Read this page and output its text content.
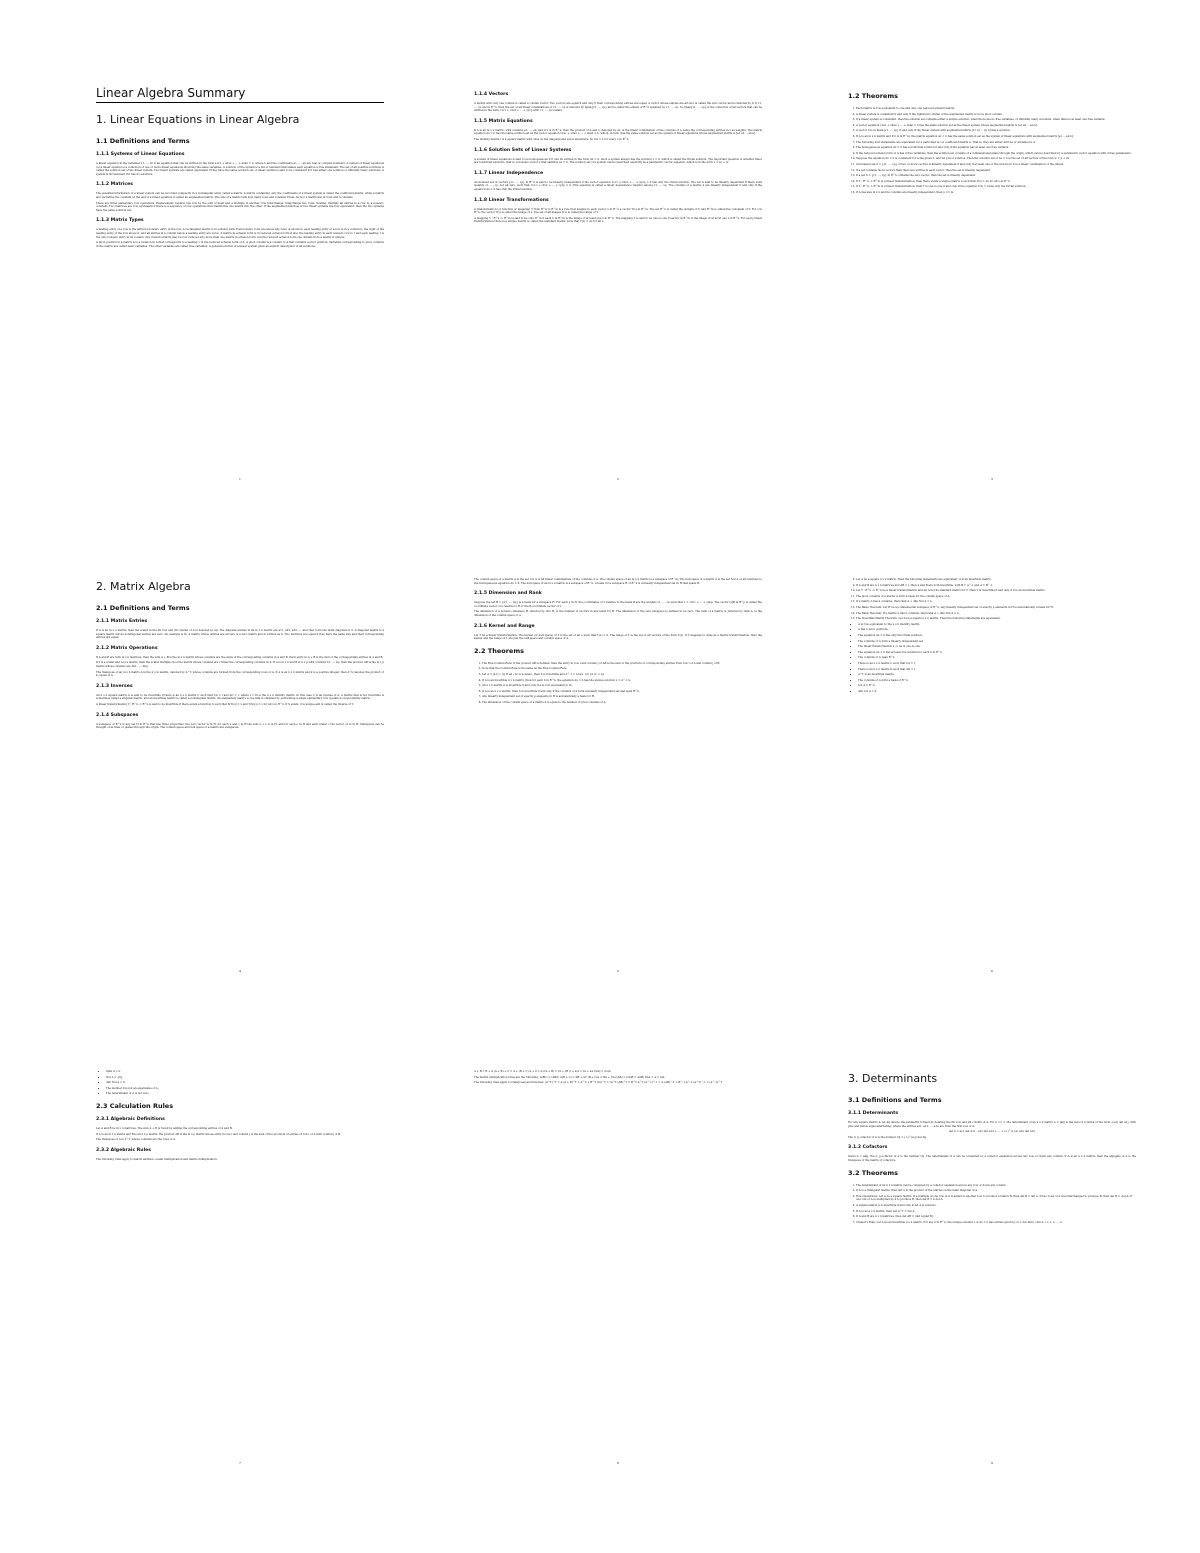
Linear Algebra Summary
1. Linear Equations in Linear Algebra
1.1 Definitions and Terms
1.1.1 Systems of Linear Equations

A linear equation in the variables x1, ..., xn is an equation that can be written in the form a1x1 + a2x2 + ... + anxn = b, where b and the coefficients a1, ..., an are real or complex numbers. A system of linear equations (or a linear system) is a collection of one or more linear equations involving the same variables. A solution of the system is a list of numbers that makes each equation a true statement. The set of all possible solutions is called the solution set of the linear system. Two linear systems are called equivalent if they have the same solution set. A linear system is said to be consistent if it has either one solution or infinitely many solutions. A system is inconsistent if it has no solutions.

1.1.2 Matrices

The essential information of a linear system can be recorded compactly in a rectangular array called a matrix. A matrix containing only the coefficients of a linear system is called the coefficient matrix, while a matrix also including the constant at the end of a linear equation is called an augmented matrix. The size of a matrix tells how many rows and columns it has. An m x n matrix has m rows and n columns.

There are three elementary row operations. Replacement: replace one row by the sum of itself and a multiple of another row. Interchange: interchange two rows. Scaling: multiply all entries in a row by a nonzero constant. Two matrices are row equivalent if there is a sequence of row operations that transforms one matrix into the other. If the augmented matrices of two linear systems are row equivalent, then the two systems have the same solution set.

1.1.3 Matrix Types

A leading entry of a row is the leftmost nonzero entry in the row. A rectangular matrix is in echelon form if all nonzero rows are above any rows of all zeros, each leading entry of a row is in a column to the right of the leading entry of the row above it, and all entries in a column below a leading entry are zeros. A matrix in echelon form is in reduced echelon form if also the leading entry in each nonzero row is 1 and each leading 1 is the only nonzero entry in its column. Any nonzero matrix may be row reduced into more than one matrix in echelon form, but the reduced echelon form one obtains from a matrix is unique.

A pivot position in a matrix A is a location in A that corresponds to a leading 1 in the reduced echelon form of A. A pivot column is a column of A that contains a pivot position. Variables corresponding to pivot columns in the matrix are called basic variables. The other variables are called free variables. A general solution of a linear system gives an explicit description of all solutions.

1
1.1.4 Vectors

A matrix with only one column is called a column vector. Two vectors are equal if and only if their corresponding entries are equal. A vector whose entries are all zero is called the zero vector and is denoted by 0. If v1, ..., vp are in R^n, then the set of all linear combinations of v1, ..., vp is denoted by Span{v1, ..., vp} and is called the subset of R^n spanned by v1, ..., vp. So Span{v1, ..., vp} is the collection of all vectors that can be written in the form c1v1 + c2v2 + ... + cpvp with c1, ..., cp scalars.

1.1.5 Matrix Equations

If A is an m x n matrix, with columns a1, ..., an, and if x is in R^n, then the product of A and x, denoted by Ax, is the linear combination of the columns of A using the corresponding entries in x as weights. The matrix equation Ax = b has the same solution set as the vector equation x1a1 + x2a2 + ... + xnan = b, which, in turn, has the same solution set as the system of linear equations whose augmented matrix is [a1 a2 ... an b].

The identity matrix I is a square matrix with ones on the diagonal and zeros elsewhere. So Inx = x for every x in R^n.

1.1.6 Solution Sets of Linear Systems

A system of linear equations is said to be homogeneous if it can be written in the form Ax = 0. Such a system always has the solution x = 0, which is called the trivial solution. The important question is whether there are nontrivial solutions, that is, a nonzero vector x that satisfies Ax = 0. The solution set of a system can be described explicitly as a parametric vector equation, which is in the form x = su + tv.

1.1.7 Linear Independence

An indexed set of vectors {v1, ..., vp} in R^n is said to be linearly independent if the vector equation x1v1 + x2v2 + ... + xpvp = 0 has only the trivial solution. The set is said to be linearly dependent if there exist weights c1, ..., cp, not all zero, such that c1v1 + c2v2 + ... + cpvp = 0. This equation is called a linear dependence relation among v1, ..., vp. The columns of a matrix A are linearly independent if and only if the equation Ax = 0 has only the trivial solution.

1.1.8 Linear Transformations

A transformation (or function or mapping) T from R^n to R^m is a rule that assigns to each vector x in R^n a vector T(x) in R^m. The set R^n is called the domain of T, and R^m is called the codomain of T. For x in R^n, the vector T(x) is called the image of x. The set of all images T(x) is called the range of T.

A mapping T : R^n -> R^m is said to be onto R^m if each b in R^m is the image of at least one x in R^n. The mapping T is said to be one-to-one if each b in R^m is the image of at most one x in R^n. For every linear transformation there is a unique matrix A, called the standard matrix, such that T(x) = Ax for all x.

2
1.2 Theorems
1. Each matrix is row equivalent to one and only one reduced echelon matrix.
2. A linear system is consistent if and only if the rightmost column of the augmented matrix is not a pivot column.
3. If a linear system is consistent, then the solution set contains either a unique solution, when there are no free variables, or infinitely many solutions, when there is at least one free variable.
4. A vector equation x1a1 + x2a2 + ... + xnan = b has the same solution set as the linear system whose augmented matrix is [a1 a2 ... an b].
5. A vector b is in Span{v1, ..., vp} if and only if the linear system with augmented matrix [v1 v2 ... vp b] has a solution.
6. If A is an m x n matrix and if b is in R^m, the matrix equation Ax = b has the same solution set as the system of linear equations with augmented matrix [a1 ... an b].
7. The following four statements are equivalent for a particular m x n coefficient matrix A. That is, they are either all true or all false for A:
8. The homogeneous equation Ax = 0 has a nontrivial solution if and only if the equation has at least one free variable.
9. If the reduced echelon form of A has d free variables, then the solution set consists of a d-dimensional plane through the origin, which can be described by a parametric vector equation with d free parameters.
10. Suppose the equation Ax = b is consistent for some given b, and let p be a solution. Then the solution set of Ax = b is the set of all vectors of the form w = p + vh.
11. An indexed set S = {v1, ..., vp} of two or more vectors is linearly dependent if and only if at least one of the vectors in S is a linear combination of the others.
12. If a set contains more vectors than there are entries in each vector, then the set is linearly dependent.
13. If a set S = {v1, ..., vp} in R^n contains the zero vector, then the set is linearly dependent.
14. If T : R^n -> R^m is a linear transformation, then there exists a unique matrix A such that T(x) = Ax for all x in R^n.
15. If T : R^n -> R^m is a linear transformation, then T is one-to-one if and only if the equation T(x) = 0 has only the trivial solution.
16. If A has size m x n and its columns are linearly independent, then n <= m.
3
2. Matrix Algebra
2.1 Definitions and Terms
2.1.1 Matrix Entries

If A is an m x n matrix, then the scalar in the ith row and jth column of A is denoted by aij. The diagonal entries in an m x n matrix are a11, a22, a33, ..., and they form the main diagonal of A. A diagonal matrix is a square matrix whose nondiagonal entries are zero. An example is In. A matrix whose entries are all zero is a zero matrix and is written as 0. Two matrices are equal if they have the same size and their corresponding entries are equal.

2.1.2 Matrix Operations

If A and B are both m x n matrices, then the sum A + B is the m x n matrix whose columns are the sums of the corresponding columns in A and B. Each entry in A + B is the sum of the corresponding entries in A and B.

If r is a scalar and A is a matrix, then the scalar multiple rA is the matrix whose columns are r times the corresponding columns in A. If A is m x n and B is n x p with columns b1, ..., bp, then the product AB is the m x p matrix whose columns are Ab1, ..., Abp.

The transpose of an m x n matrix A is the n x m matrix, denoted by A^T, whose columns are formed from the corresponding rows of A. If A is an n x n matrix and k is a positive integer, then A^k denotes the product of k copies of A.

2.1.3 Inverses

An n x n square matrix A is said to be invertible if there is an n x n matrix C such that CA = I and AC = I, where I = In is the n x n identity matrix. In this case C is an inverse of A. A matrix that is not invertible is sometimes called a singular matrix, and an invertible matrix is called a nonsingular matrix. An elementary matrix is one that is obtained by performing a single elementary row operation on an identity matrix.

A linear transformation T : R^n -> R^n is said to be invertible if there exists a function S such that S(T(x)) = x and T(S(x)) = x for all x in R^n. If S exists, it is unique and is called the inverse of T.

2.1.4 Subspaces

A subspace of R^n is any set H in R^n that has three properties: the zero vector is in H, for each u and v in H the sum u + v is in H, and for each u in H and each scalar c the vector cu is in H. Subspaces can be thought of as lines or planes through the origin. The column space and null space of a matrix are subspaces.

4

The column space of a matrix A is the set Col A of all linear combinations of the columns of A. The column space of an m x n matrix is a subspace of R^m. The null space of a matrix A is the set Nul A of all solutions to the homogeneous equation Ax = 0. The null space of an m x n matrix is a subspace of R^n. A basis for a subspace H of R^n is a linearly independent set in H that spans H.

2.1.5 Dimension and Rank

Suppose the set B = {b1, ..., bp} is a basis for a subspace H. For each x in H, the coordinates of x relative to the basis B are the weights c1, ..., cp such that x = c1b1 + ... + cpbp. The vector [x]B in R^p is called the coordinate vector of x relative to B or the B-coordinate vector of x.

The dimension of a nonzero subspace H, denoted by dim H, is the number of vectors in any basis for H. The dimension of the zero subspace is defined to be zero. The rank of a matrix A, denoted by rank A, is the dimension of the column space of A.

2.1.6 Kernel and Range

Let T be a linear transformation. The kernel (or null space) of T is the set of all u such that T(u) = 0. The range of T is the set of all vectors of the form T(x). If T happens to arise as a matrix transformation, then the kernel and the range of T are just the null space and column space of A.

2.2 Theorems
1. The Row-Column Rule: If the product AB is defined, then the entry in row i and column j of AB is the sum of the products of corresponding entries from row i of A and column j of B.
2. Note that the Column Rule is the same as the Row-Column Rule.
3. Let A = [a b; c d]. If ad - bc is nonzero, then A is invertible and A^-1 = 1/(ad - bc) [d -b; -c a].
4. If A is an invertible n x n matrix, then for each b in R^n, the equation Ax = b has the unique solution x = A^-1 b.
5. An n x n matrix A is invertible if and only if A is row equivalent to In.
6. If A is an n x n matrix, then A is invertible if and only if the columns of A form a linearly independent set and span R^n.
7. Any linearly independent set of exactly p elements in H is automatically a basis for H.
8. The dimension of the column space of a matrix A is equal to the number of pivot columns of A.
5
8. Let A be a square n x n matrix. Then the following statements are equivalent: A is an invertible matrix.
9. If A and B are n x n matrices and AB = I, then A and B are both invertible, with B = A^-1 and A = B^-1.
10. Let T : R^n -> R^n be a linear transformation and let A be the standard matrix for T. Then T is invertible if and only if A is an invertible matrix.
11. The pivot columns of a matrix A form a basis for the column space of A.
12. If a matrix A has n columns, then rank A + dim Nul A = n.
13. The Basis Theorem: Let H be a p-dimensional subspace of R^n. Any linearly independent set of exactly p elements in H is automatically a basis for H.
14. The Rank Theorem: If a matrix A has n columns, then rank A + dim Nul A = n.
15. The Invertible Matrix Theorem: Let A be a square n x n matrix. Then the following statements are equivalent.
• A is row equivalent to the n x n identity matrix.
• A has n pivot positions.
• The equation Ax = 0 has only the trivial solution.
• The columns of A form a linearly independent set.
• The linear transformation x -> Ax is one-to-one.
• The equation Ax = b has at least one solution for each b in R^n.
• The columns of A span R^n.
• There is an n x n matrix C such that CA = I.
• There is an n x n matrix D such that AD = I.
• A^T is an invertible matrix.
• The columns of A form a basis of R^n.
• Col A = R^n.
• dim Col A = n.
6
• rank A = n.
• Nul A = {0}.
• dim Nul A = 0.
• The number 0 is not an eigenvalue of A.
• The determinant of A is not zero.
2.3 Calculation Rules
2.3.1 Algebraic Definitions

Let A and B be m x n matrices. The sum A + B is found by adding the corresponding entries of A and B.

If A is an m x n matrix and B is an n x p matrix, the product AB is the m x p matrix whose entry in row i and column j is the sum of the products of entries of row i of A with column j of B.

The transpose of A is A^T, whose columns are the rows of A.

2.3.2 Algebraic Rules

The following rules apply to matrix addition, scalar multiplication and matrix multiplication.

7

A + B = B + A (A + B) + C = A + (B + C) A + 0 = A r(A + B) = rA + rB (r + s)A = rA + sA r(sA) = (rs)A

The matrix multiplication rules are the following: A(BC) = (AB)C A(B + C) = AB + AC (B + C)A = BA + CA r(AB) = (rA)B = A(rB) ImA = A = AIn

The following rules apply to transposes and inverses: (A^T)^T = A (A + B)^T = A^T + B^T (rA)^T = rA^T (AB)^T = B^T A^T (A^-1)^-1 = A (AB)^-1 = B^-1 A^-1 (A^T)^-1 = (A^-1)^T

8
3. Determinants
3.1 Definitions and Terms
3.1.1 Determinants

For any square matrix A, let Aij denote the submatrix formed by deleting the ith row and jth column of A. For n >= 2, the determinant of an n x n matrix A = [aij] is the sum of n terms of the form +-a1j det A1j, with plus and minus signs alternating, where the entries a11, a12, ..., a1n are from the first row of A.

det A = a11 det A11 - a12 det A12 + ... + (-1)^(1+n) a1n det A1n

The (i, j)-cofactor of A is the number Cij = (-1)^(i+j) det Aij.

3.1.2 Cofactors

Given A = [aij], the (i, j)-cofactor of A is the number Cij. The determinant of A can be computed by a cofactor expansion across any row or down any column. If A is an n x n matrix, then the adjugate of A is the transpose of the matrix of cofactors.

3.2 Theorems
1. The determinant of an n x n matrix can be computed by a cofactor expansion across any row or down any column.
2. If A is a triangular matrix, then det A is the product of the entries on the main diagonal of A.
3. Row Operations: Let A be a square matrix. If a multiple of one row of A is added to another row to produce a matrix B, then det B = det A. If two rows of A are interchanged to produce B, then det B = -det A. If one row of A is multiplied by k to produce B, then det B = k det A.
4. A square matrix A is invertible if and only if det A is nonzero.
5. If A is an n x n matrix, then det A^T = det A.
6. If A and B are n x n matrices, then det AB = (det A)(det B).
7. Cramer's Rule: Let A be an invertible n x n matrix. For any b in R^n, the unique solution x of Ax = b has entries given by xi = det Ai(b) / det A, i = 1, 2, ..., n.
9
